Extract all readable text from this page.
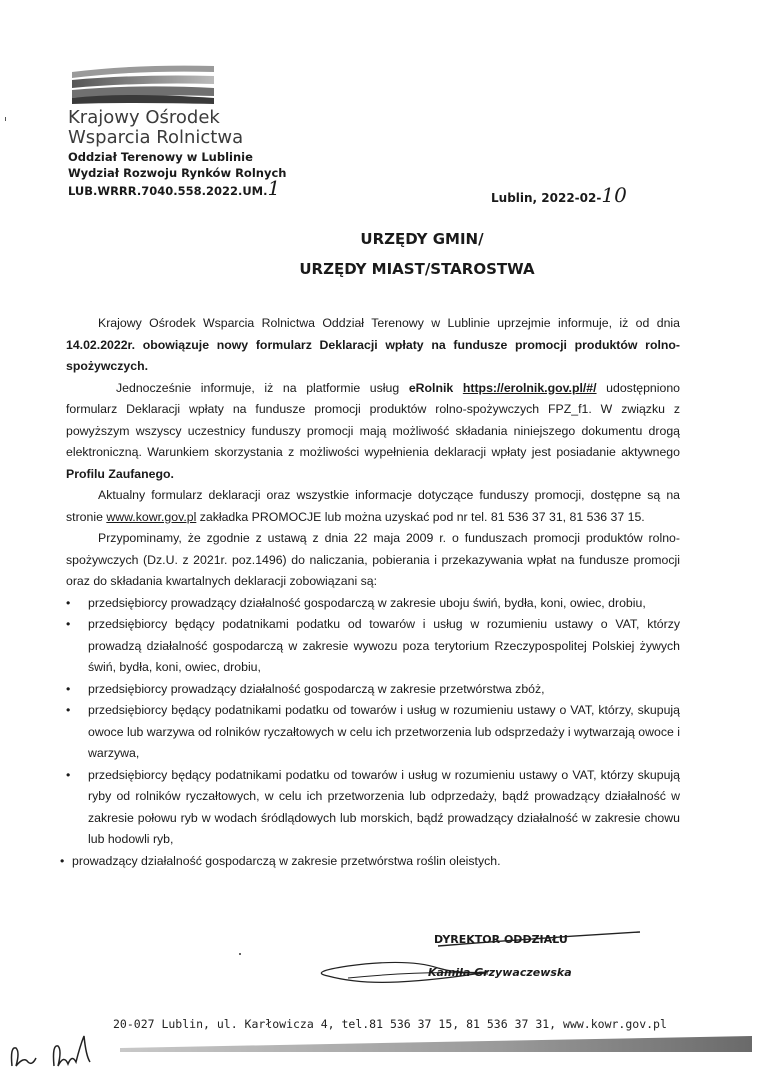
Krajowy Ośrodek
Wsparcia Rolnictwa
Oddział Terenowy w Lublinie
Wydział Rozwoju Rynków Rolnych
LUB.WRRR.7040.558.2022.UM.1	Lublin, 2022-02-10
URZĘDY GMIN/
URZĘDY MIAST/STAROSTWA

Krajowy Ośrodek Wsparcia Rolnictwa Oddział Terenowy w Lublinie uprzejmie informuje, iż od dnia 14.02.2022r. obowiązuje nowy formularz Deklaracji wpłaty na fundusze promocji produktów rolno-spożywczych.

Jednocześnie informuje, iż na platformie usług eRolnik https://erolnik.gov.pl/#/ udostępniono formularz Deklaracji wpłaty na fundusze promocji produktów rolno-spożywczych FPZ_f1. W związku z powyższym wszyscy uczestnicy funduszy promocji mają możliwość składania niniejszego dokumentu drogą elektroniczną. Warunkiem skorzystania z możliwości wypełnienia deklaracji wpłaty jest posiadanie aktywnego Profilu Zaufanego.

Aktualny formularz deklaracji oraz wszystkie informacje dotyczące funduszy promocji, dostępne są na stronie www.kowr.gov.pl zakładka PROMOCJE lub można uzyskać pod nr tel. 81 536 37 31, 81 536 37 15.

Przypominamy, że zgodnie z ustawą z dnia 22 maja 2009 r. o funduszach promocji produktów rolno-spożywczych (Dz.U. z 2021r. poz.1496) do naliczania, pobierania i przekazywania wpłat na fundusze promocji oraz do składania kwartalnych deklaracji zobowiązani są:

• przedsiębiorcy prowadzący działalność gospodarczą w zakresie uboju świń, bydła, koni, owiec, drobiu,
• przedsiębiorcy będący podatnikami podatku od towarów i usług w rozumieniu ustawy o VAT, którzy prowadzą działalność gospodarczą w zakresie wywozu poza terytorium Rzeczypospolitej Polskiej żywych świń, bydła, koni, owiec, drobiu,
• przedsiębiorcy prowadzący działalność gospodarczą w zakresie przetwórstwa zbóż,
• przedsiębiorcy będący podatnikami podatku od towarów i usług w rozumieniu ustawy o VAT, którzy, skupują owoce lub warzywa od rolników ryczałtowych w celu ich przetworzenia lub odsprzedaży i wytwarzają owoce i warzywa,
• przedsiębiorcy będący podatnikami podatku od towarów i usług w rozumieniu ustawy o VAT, którzy skupują ryby od rolników ryczałtowych, w celu ich przetworzenia lub odprzedaży, bądź prowadzący działalność w zakresie połowu ryb w wodach śródlądowych lub morskich, bądź prowadzący działalność w zakresie chowu lub hodowli ryb,
• prowadzący działalność gospodarczą w zakresie przetwórstwa roślin oleistych.
DYREKTOR ODDZIAŁU
Kamila Grzywaczewska
20-027 Lublin, ul. Karłowicza 4, tel.81 536 37 15, 81 536 37 31, www.kowr.gov.pl
